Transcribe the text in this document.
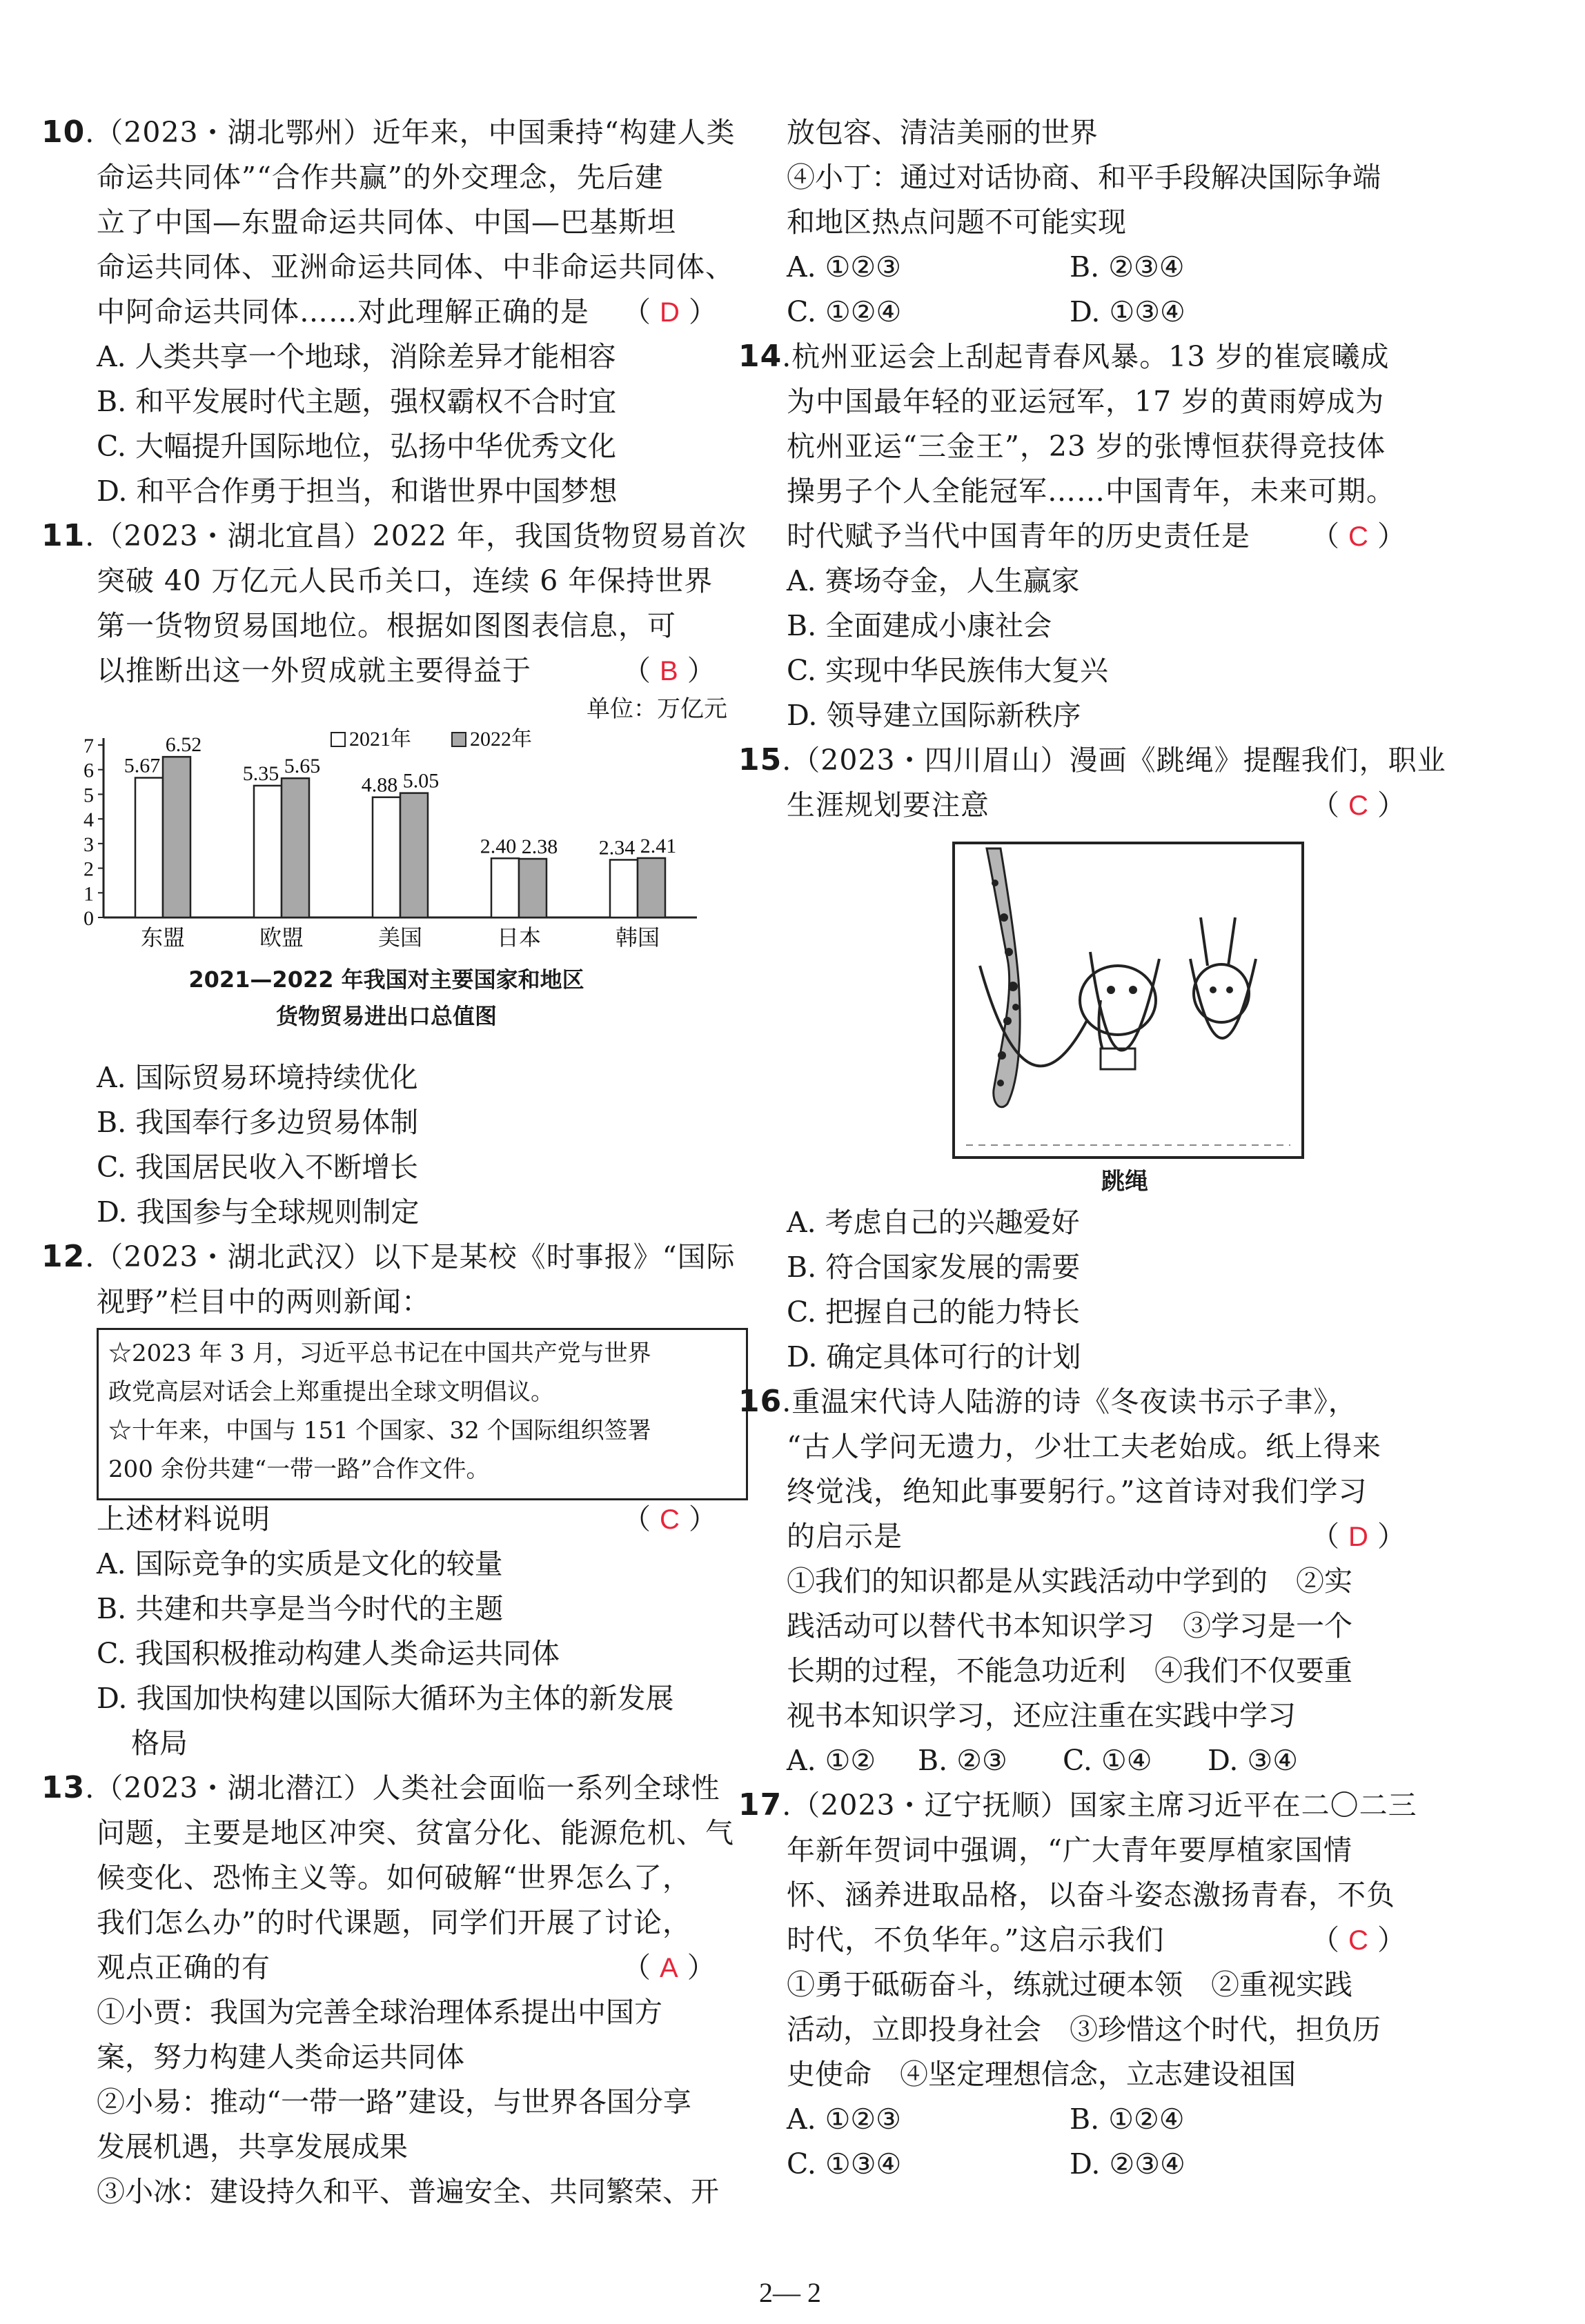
10.（2023・湖北鄂州）近年来，中国秉持“构建人类
命运共同体”“合作共赢”的外交理念，先后建
立了中国—东盟命运共同体、中国—巴基斯坦
命运共同体、亚洲命运共同体、中非命运共同体、
中阿命运共同体……对此理解正确的是 （ D ）
A. 人类共享一个地球，消除差异才能相容
B. 和平发展时代主题，强权霸权不合时宜
C. 大幅提升国际地位，弘扬中华优秀文化
D. 和平合作勇于担当，和谐世界中国梦想
11.（2023・湖北宜昌）2022 年，我国货物贸易首次
突破 40 万亿元人民币关口，连续 6 年保持世界
第一货物贸易国地位。根据如图图表信息，可
以推断出这一外贸成就主要得益于	（ B ）
单位：万亿元
0
1
2
3
4
5
6
7
5.67
6.52
东盟
5.35 5.65
欧盟
4.88 5.05
美国
2.40 2.38
日本
2.34 2.41
韩国
2021年	2022年
2021—2022 年我国对主要国家和地区
货物贸易进出口总值图
A. 国际贸易环境持续优化
B. 我国奉行多边贸易体制
C. 我国居民收入不断增长
D. 我国参与全球规则制定
12.（2023・湖北武汉）以下是某校《时事报》“国际
视野”栏目中的两则新闻：
☆2023 年 3 月，习近平总书记在中国共产党与世界
政党高层对话会上郑重提出全球文明倡议。
☆十年来，中国与 151 个国家、32 个国际组织签署
200 余份共建“一带一路”合作文件。
上述材料说明	（ C ）
A. 国际竞争的实质是文化的较量
B. 共建和共享是当今时代的主题
C. 我国积极推动构建人类命运共同体
D. 我国加快构建以国际大循环为主体的新发展
格局
13.（2023・湖北潜江）人类社会面临一系列全球性
问题，主要是地区冲突、贫富分化、能源危机、气
候变化、恐怖主义等。如何破解“世界怎么了，
我们怎么办”的时代课题，同学们开展了讨论，
观点正确的有	（ A ）
①小贾：我国为完善全球治理体系提出中国方
案，努力构建人类命运共同体
②小易：推动“一带一路”建设，与世界各国分享
发展机遇，共享发展成果
③小冰：建设持久和平、普遍安全、共同繁荣、开
放包容、清洁美丽的世界
④小丁：通过对话协商、和平手段解决国际争端
和地区热点问题不可能实现
A. ①②③	B. ②③④
C. ①②④	D. ①③④
14.杭州亚运会上刮起青春风暴。13 岁的崔宸曦成
为中国最年轻的亚运冠军，17 岁的黄雨婷成为
杭州亚运“三金王”，23 岁的张博恒获得竞技体
操男子个人全能冠军……中国青年，未来可期。
时代赋予当代中国青年的历史责任是 （ C ）
A. 赛场夺金，人生赢家
B. 全面建成小康社会
C. 实现中华民族伟大复兴
D. 领导建立国际新秩序
15.（2023・四川眉山）漫画《跳绳》提醒我们，职业
生涯规划要注意	（ C ）
跳绳
A. 考虑自己的兴趣爱好
B. 符合国家发展的需要
C. 把握自己的能力特长
D. 确定具体可行的计划
16.重温宋代诗人陆游的诗《冬夜读书示子聿》，
“古人学问无遗力，少壮工夫老始成。纸上得来
终觉浅，绝知此事要躬行。”这首诗对我们学习
的启示是	（ D ）
①我们的知识都是从实践活动中学到的　②实
践活动可以替代书本知识学习　③学习是一个
长期的过程，不能急功近利　④我们不仅要重
视书本知识学习，还应注重在实践中学习
A. ①② B. ②③ C. ①④ D. ③④
17.（2023・辽宁抚顺）国家主席习近平在二〇二三
年新年贺词中强调，“广大青年要厚植家国情
怀、涵养进取品格，以奋斗姿态激扬青春，不负
时代，不负华年。”这启示我们	（ C ）
①勇于砥砺奋斗，练就过硬本领　②重视实践
活动，立即投身社会　③珍惜这个时代，担负历
史使命　④坚定理想信念，立志建设祖国
A. ①②③	B. ①②④
C. ①③④	D. ②③④
2— 2
